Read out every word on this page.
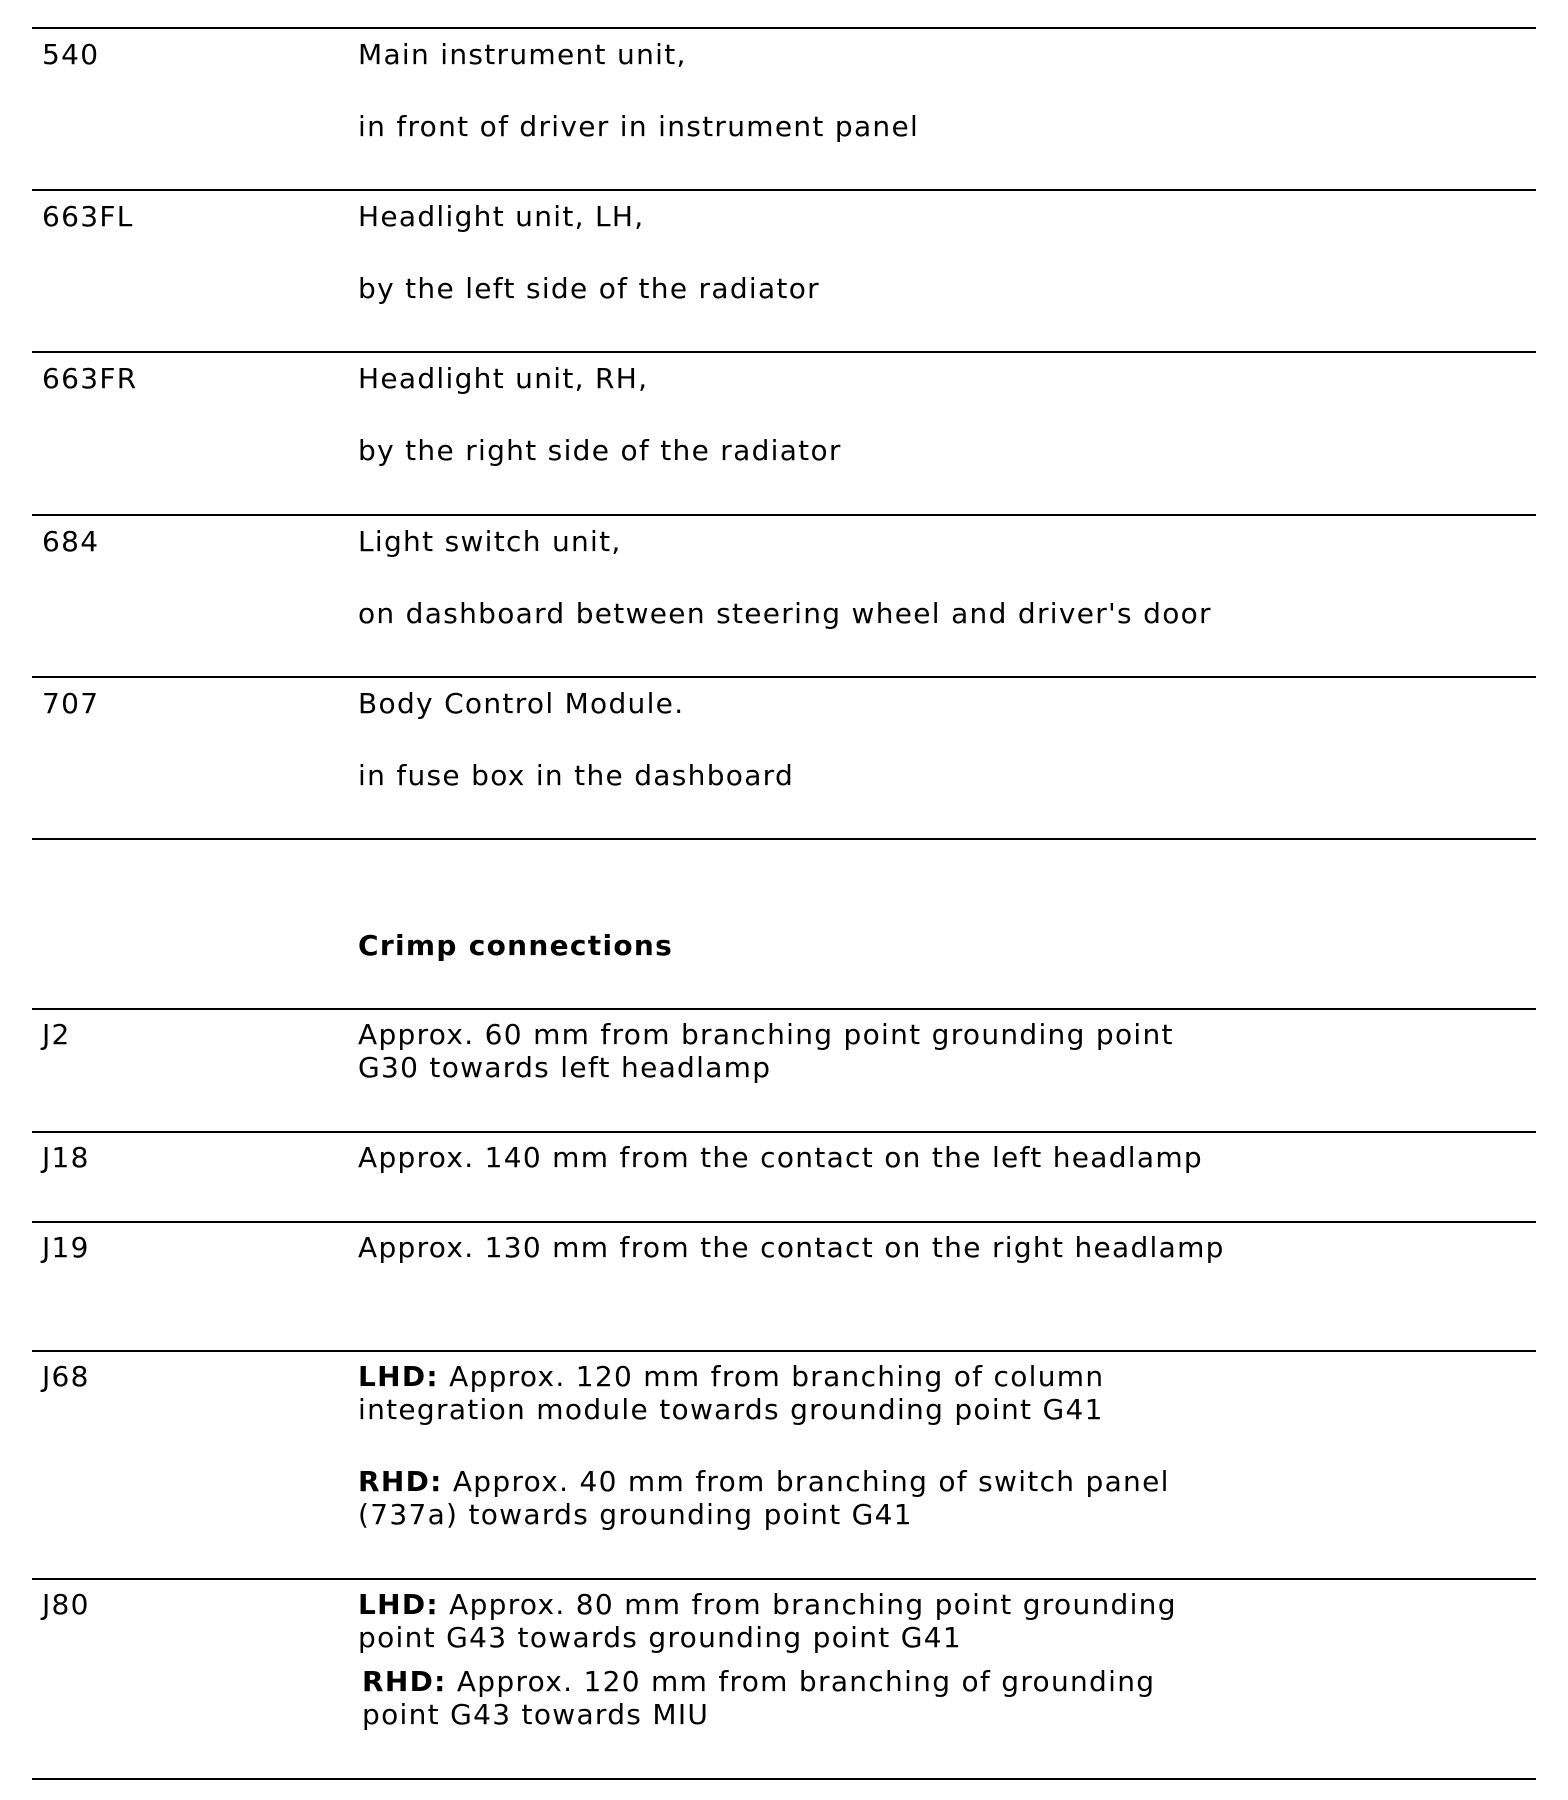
540	Main instrument unit,
in front of driver in instrument panel
663FL	Headlight unit, LH,
by the left side of the radiator
663FR	Headlight unit, RH,
by the right side of the radiator
684	Light switch unit,
on dashboard between steering wheel and driver's door
707	Body Control Module.
in fuse box in the dashboard
Crimp connections
J2	Approx. 60 mm from branching point grounding point
G30 towards left headlamp
J18	Approx. 140 mm from the contact on the left headlamp
J19	Approx. 130 mm from the contact on the right headlamp
J68	LHD: Approx. 120 mm from branching of column
integration module towards grounding point G41
RHD: Approx. 40 mm from branching of switch panel
(737a) towards grounding point G41
J80	LHD: Approx. 80 mm from branching point grounding
point G43 towards grounding point G41
RHD: Approx. 120 mm from branching of grounding
point G43 towards MIU
